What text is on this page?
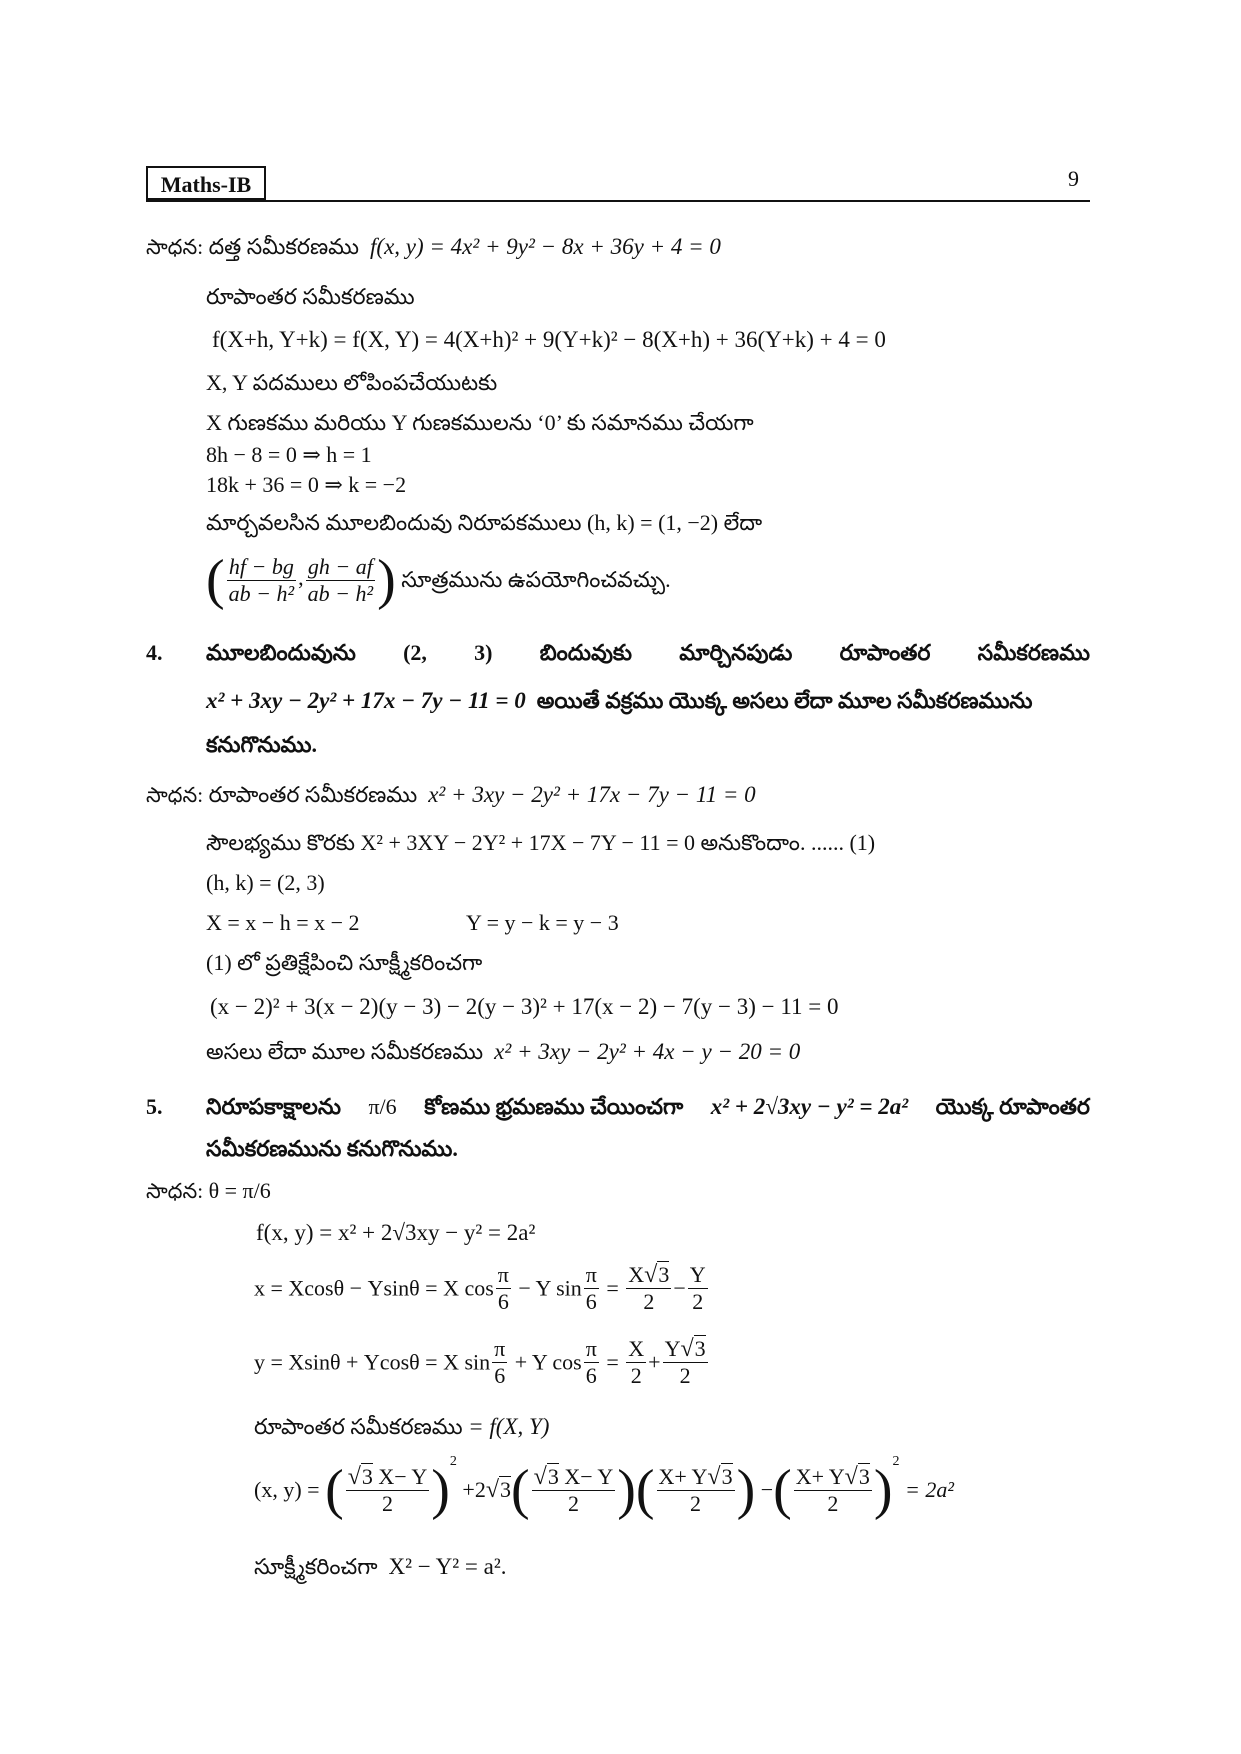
Maths-IB	9
సాధన: దత్త సమీకరణము f(x, y) = 4x² + 9y² − 8x + 36y + 4 = 0
రూపాంతర సమీకరణము
f(X+h, Y+k) = f(X, Y) = 4(X+h)² + 9(Y+k)² − 8(X+h) + 36(Y+k) + 4 = 0
X, Y పదములు లోపింపచేయుటకు
X గుణకము మరియు Y గుణకములను ‘0’ కు సమానము చేయగా
8h − 8 = 0 ⇒ h = 1
18k + 36 = 0 ⇒ k = −2
మార్చవలసిన మూలబిందువు నిరూపకములు (h, k) = (1, −2) లేదా
( $\frac{hf - bg}{\text{ab − h²}}$ , $\frac{gh - af}{\text{ab − h²}}$ ) సూత్రమును ఉపయోగించవచ్చు.
4. మూలబిందువును (2, 3) బిందువుకు మార్చినపుడు రూపాంతర సమీకరణము
x² + 3xy − 2y² + 17x − 7y − 11 = 0 అయితే వక్రము యొక్క అసలు లేదా మూల సమీకరణమును
కనుగొనుము.
సాధన: రూపాంతర సమీకరణము x² + 3xy − 2y² + 17x − 7y − 11 = 0
సౌలభ్యము కొరకు X² + 3XY − 2Y² + 17X − 7Y − 11 = 0 అనుకొందాం. ...... (1)
(h, k) = (2, 3)
X = x − h = x − 2	Y = y − k = y − 3
(1) లో ప్రతిక్షేపించి సూక్ష్మీకరించగా
(x − 2)² + 3(x − 2)(y − 3) − 2(y − 3)² + 17(x − 2) − 7(y − 3) − 11 = 0
అసలు లేదా మూల సమీకరణము x² + 3xy − 2y² + 4x − y − 20 = 0
5. నిరూపకాక్షాలను π/6 కోణము భ్రమణము చేయించగా x² + 2√3xy − y² = 2a² యొక్క రూపాంతర
సమీకరణమును కనుగొనుము.
సాధన: θ = π/6
f(x, y) = x² + 2√3xy − y² = 2a²
x = Xcosθ − Ysinθ = X $\cos \frac{\pi}{6} - Y$ $\sin \frac{\pi}{6} = \frac{X√3}{2} - \frac{Y}{2}$
y = Xsinθ + Ycosθ = X $\sin \frac{\pi}{6} + Y$ $\cos \frac{\pi}{6} = \frac{X}{2} + \frac{Y√3}{2}$
రూపాంతర సమీకరణము = f(X, Y)
(x, y) = ( $\frac{√3 X- Y}{2} )^2 +2√3( \frac{√3 X- Y}{2}$ )( $\frac{X+ Y√3}{2}$ ) −( $\frac{X+ Y√3}{2} )^2 = 2a^2$
సూక్ష్మీకరించగా X² − Y² = a².
